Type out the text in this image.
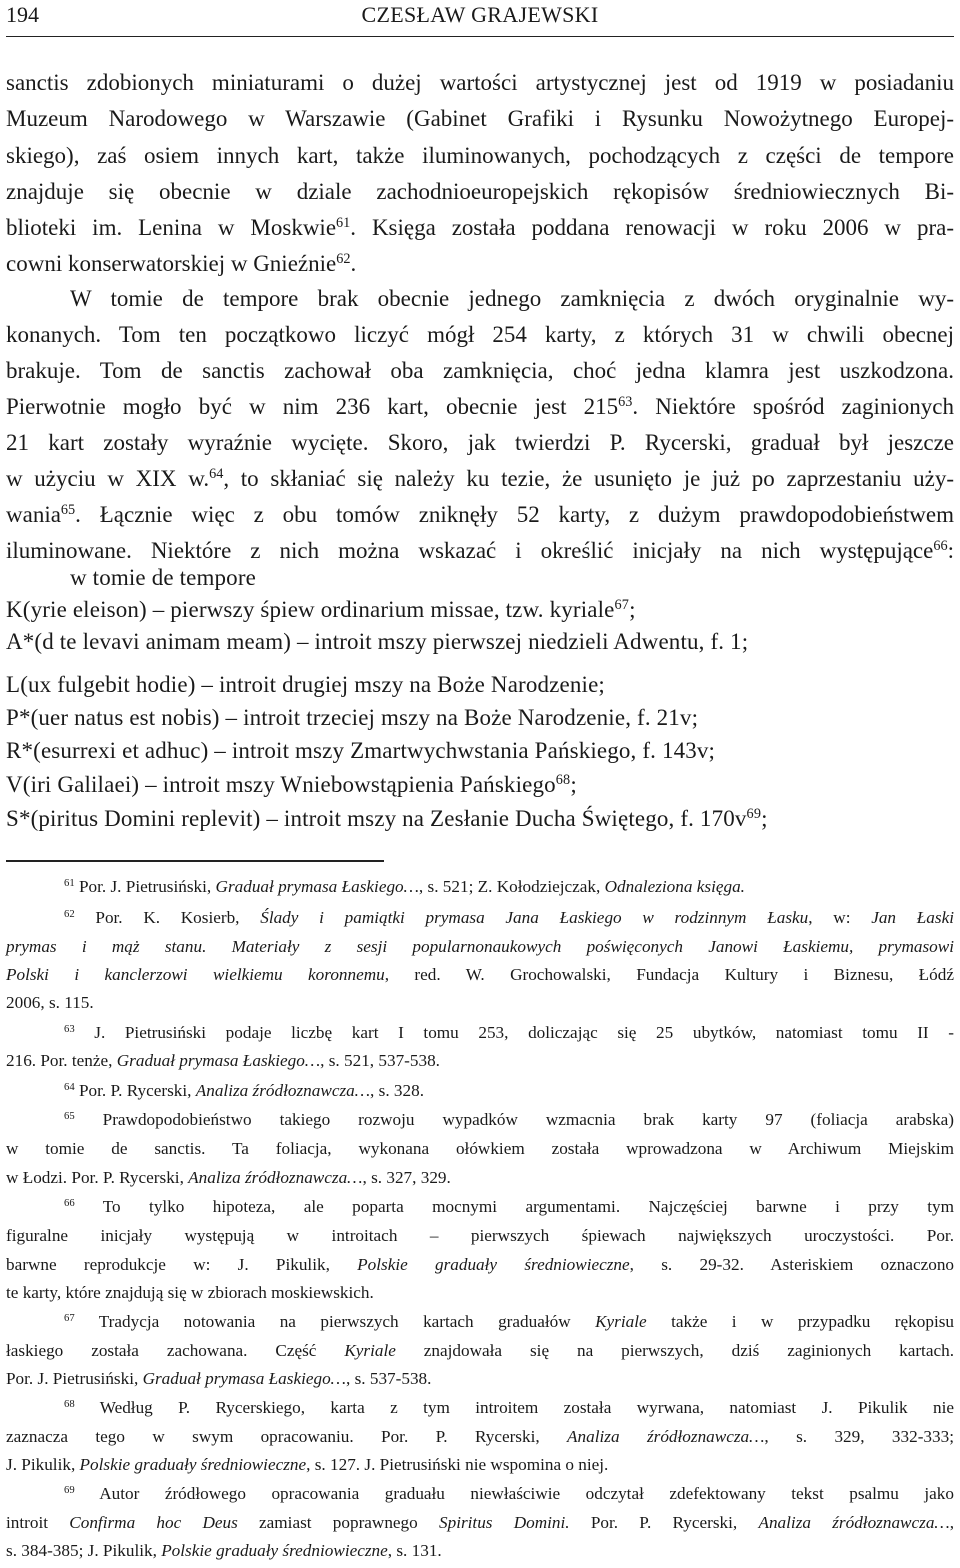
194	CZESŁAW GRAJEWSKI
sanctis zdobionych miniaturami o dużej wartości artystycznej jest od 1919 w posiadaniu
Muzeum Narodowego w Warszawie (Gabinet Grafiki i Rysunku Nowożytnego Europej-
skiego), zaś osiem innych kart, także iluminowanych, pochodzących z części de tempore
znajduje się obecnie w dziale zachodnioeuropejskich rękopisów średniowiecznych Bi-
blioteki im. Lenina w Moskwie$^{61}$. Księga została poddana renowacji w roku 2006 w pra-
cowni konserwatorskiej w Gnieźnie$^{62}$.
W tomie de tempore brak obecnie jednego zamknięcia z dwóch oryginalnie wy-
konanych. Tom ten początkowo liczyć mógł 254 karty, z których 31 w chwili obecnej
brakuje. Tom de sanctis zachował oba zamknięcia, choć jedna klamra jest uszkodzona.
Pierwotnie mogło być w nim 236 kart, obecnie jest $215^{63}$. Niektóre spośród zaginionych
21 kart zostały wyraźnie wycięte. Skoro, jak twierdzi P. Rycerski, graduał był jeszcze
w użyciu w XIX w.$^{64}$, to skłaniać się należy ku tezie, że usunięto je już po zaprzestaniu uży-
wania$^{65}$. Łącznie więc z obu tomów zniknęły 52 karty, z dużym prawdopodobieństwem
iluminowane. Niektóre z nich można wskazać i określić inicjały na nich występujące$^{66}$:
w tomie de tempore
K(yrie eleison) – pierwszy śpiew ordinarium missae, tzw. kyriale$^{67}$;
A*(d te levavi animam meam) – introit mszy pierwszej niedzieli Adwentu, f. 1;
L(ux fulgebit hodie) – introit drugiej mszy na Boże Narodzenie;
P*(uer natus est nobis) – introit trzeciej mszy na Boże Narodzenie, f. 21v;
R*(esurrexi et adhuc) – introit mszy Zmartwychwstania Pańskiego, f. 143v;
V(iri Galilaei) – introit mszy Wniebowstąpienia Pańskiego$^{68}$;
S*(piritus Domini replevit) – introit mszy na Zesłanie Ducha Świętego, f. $170v^{69}$;
$^{61}$ Por. J. Pietrusiński, Graduał prymasa Łaskiego…, s. 521; Z. Kołodziejczak, Odnaleziona księga.
$^{62}$ Por. K. Kosierb, Ślady i pamiątki prymasa Jana Łaskiego w rodzinnym Łasku, w: Jan Łaski
prymas i mąż stanu. Materiały z sesji popularnonaukowych poświęconych Janowi Łaskiemu, prymasowi
Polski i kanclerzowi wielkiemu koronnemu, red. W. Grochowalski, Fundacja Kultury i Biznesu, Łódź
2006, s. 115.
$^{63}$ J. Pietrusiński podaje liczbę kart I tomu 253, doliczając się 25 ubytków, natomiast tomu II -
216. Por. tenże, Graduał prymasa Łaskiego…, s. 521, 537-538.
$^{64}$ Por. P. Rycerski, Analiza źródłoznawcza…, s. 328.
$^{65}$ Prawdopodobieństwo takiego rozwoju wypadków wzmacnia brak karty 97 (foliacja arabska)
w tomie de sanctis. Ta foliacja, wykonana ołówkiem została wprowadzona w Archiwum Miejskim
w Łodzi. Por. P. Rycerski, Analiza źródłoznawcza…, s. 327, 329.
$^{66}$ To tylko hipoteza, ale poparta mocnymi argumentami. Najczęściej barwne i przy tym
figuralne inicjały występują w introitach – pierwszych śpiewach największych uroczystości. Por.
barwne reprodukcje w: J. Pikulik, Polskie graduały średniowieczne, s. 29-32. Asteriskiem oznaczono
te karty, które znajdują się w zbiorach moskiewskich.
$^{67}$ Tradycja notowania na pierwszych kartach graduałów Kyriale także i w przypadku rękopisu
łaskiego została zachowana. Część Kyriale znajdowała się na pierwszych, dziś zaginionych kartach.
Por. J. Pietrusiński, Graduał prymasa Łaskiego…, s. 537-538.
$^{68}$ Według P. Rycerskiego, karta z tym introitem została wyrwana, natomiast J. Pikulik nie
zaznacza tego w swym opracowaniu. Por. P. Rycerski, Analiza źródłoznawcza…, s. 329, 332-333;
J. Pikulik, Polskie graduały średniowieczne, s. 127. J. Pietrusiński nie wspomina o niej.
$^{69}$ Autor źródłowego opracowania graduału niewłaściwie odczytał zdefektowany tekst psalmu jako
introit Confirma hoc Deus zamiast poprawnego Spiritus Domini. Por. P. Rycerski, Analiza źródłoznawcza…,
s. 384-385; J. Pikulik, Polskie graduały średniowieczne, s. 131.
